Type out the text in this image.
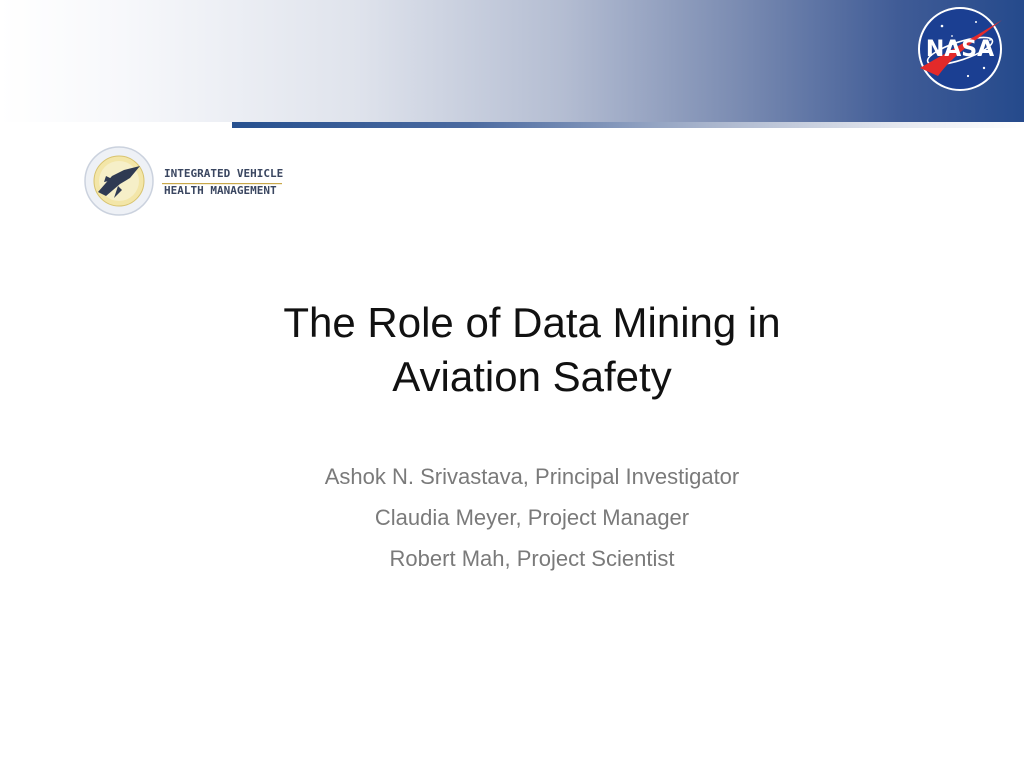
NASA
INTEGRATED VEHICLE
HEALTH MANAGEMENT
The Role of Data Mining in
Aviation Safety
Ashok N. Srivastava, Principal Investigator
Claudia Meyer, Project Manager
Robert Mah, Project Scientist
